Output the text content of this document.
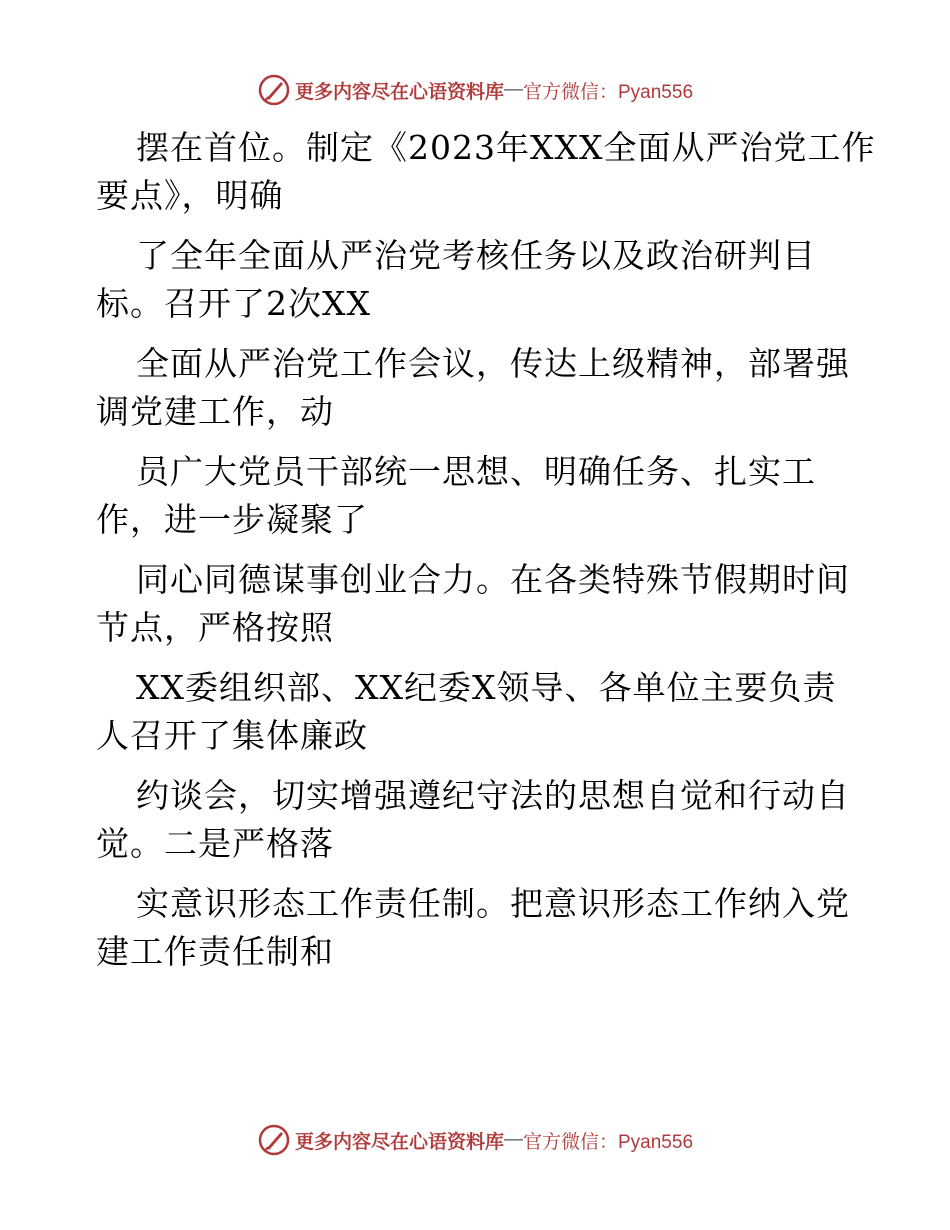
更多内容尽在心语资料库 — 官方微信：Pyan556
摆在首位。制定《2023年XXX全面从严治党工作
要点》，明确
了全年全面从严治党考核任务以及政治研判目
标。召开了2次XX
全面从严治党工作会议，传达上级精神，部署强
调党建工作，动
员广大党员干部统一思想、明确任务、扎实工
作，进一步凝聚了
同心同德谋事创业合力。在各类特殊节假期时间
节点，严格按照
XX委组织部、XX纪委X领导、各单位主要负责
人召开了集体廉政
约谈会，切实增强遵纪守法的思想自觉和行动自
觉。二是严格落
实意识形态工作责任制。把意识形态工作纳入党
建工作责任制和
更多内容尽在心语资料库 — 官方微信：Pyan556
